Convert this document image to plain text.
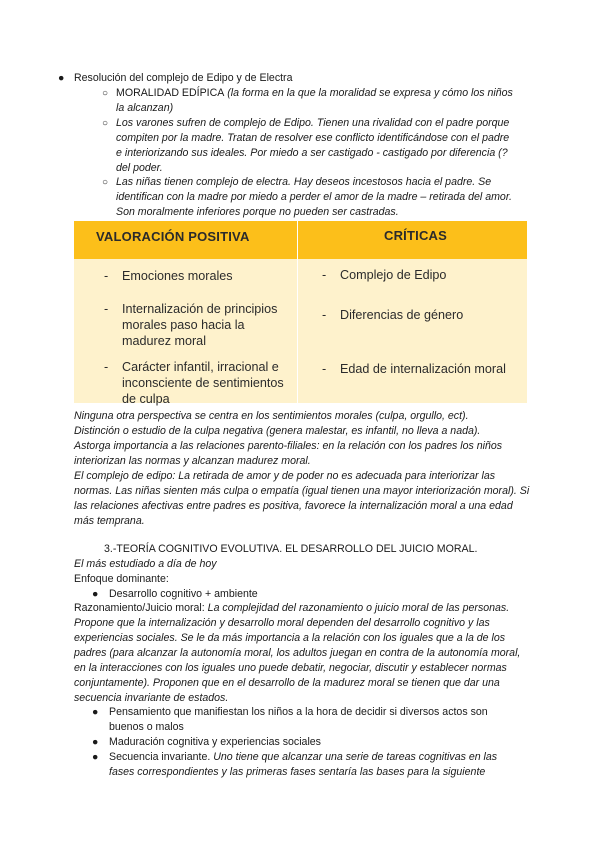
● Resolución del complejo de Edipo y de Electra
○ MORALIDAD EDÍPICA (la forma en la que la moralidad se expresa y cómo los niños la alcanzan)
○ Los varones sufren de complejo de Edipo. Tienen una rivalidad con el padre porque compiten por la madre. Tratan de resolver ese conflicto identificándose con el padre e interiorizando sus ideales. Por miedo a ser castigado - castigado por diferencia (? del poder.
○ Las niñas tienen complejo de electra. Hay deseos incestosos hacia el padre. Se identifican con la madre por miedo a perder el amor de la madre – retirada del amor. Son moralmente inferiores porque no pueden ser castradas.
VALORACIÓN POSITIVA	CRÍTICAS
- Emociones morales
- Internalización de principios morales paso hacia la madurez moral
- Carácter infantil, irracional e inconsciente de sentimientos de culpa
- Complejo de Edipo
- Diferencias de género
- Edad de internalización moral
Ninguna otra perspectiva se centra en los sentimientos morales (culpa, orgullo, ect).
Distinción o estudio de la culpa negativa (genera malestar, es infantil, no lleva a nada).
Astorga importancia a las relaciones parento-filiales: en la relación con los padres los niños interiorizan las normas y alcanzan madurez moral.
El complejo de edipo: La retirada de amor y de poder no es adecuada para interiorizar las normas. Las niñas sienten más culpa o empatía (igual tienen una mayor interiorización moral). Si las relaciones afectivas entre padres es positiva, favorece la internalización moral a una edad más temprana.
3.-TEORÍA COGNITIVO EVOLUTIVA. EL DESARROLLO DEL JUICIO MORAL.
El más estudiado a día de hoy
Enfoque dominante:
● Desarrollo cognitivo + ambiente
Razonamiento/Juicio moral: La complejidad del razonamiento o juicio moral de las personas. Propone que la internalización y desarrollo moral dependen del desarrollo cognitivo y las experiencias sociales. Se le da más importancia a la relación con los iguales que a la de los padres (para alcanzar la autonomía moral, los adultos juegan en contra de la autonomía moral, en la interacciones con los iguales uno puede debatir, negociar, discutir y establecer normas conjuntamente). Proponen que en el desarrollo de la madurez moral se tienen que dar una secuencia invariante de estados.
● Pensamiento que manifiestan los niños a la hora de decidir si diversos actos son buenos o malos
● Maduración cognitiva y experiencias sociales
● Secuencia invariante. Uno tiene que alcanzar una serie de tareas cognitivas en las fases correspondientes y las primeras fases sentaría las bases para la siguiente
